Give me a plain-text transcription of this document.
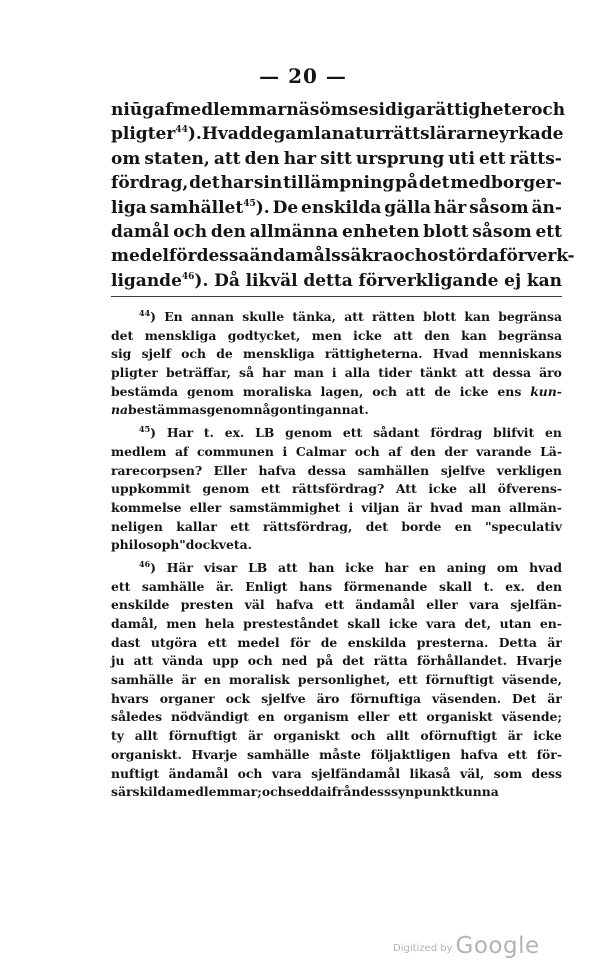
— 20 —
niūg af medlemmarnäs ömsesidiga rättigheter och
pligter$^{44}$). Hvad de gamla naturrättslärarne yrkade
om staten, att den har sitt ursprung uti ett rätts-
fördrag, det har sin tillämpning på det medborger-
liga samhället$^{45}$). De enskilda gälla här såsom än-
damål och den allmänna enheten blott såsom ett
medel för dessa ändamåls säkra och ostörda förverk-
ligande$^{46}$). Då likväl detta förverkligande ej kan
$^{44}$) En annan skulle tänka, att rätten blott kan begränsa
det menskliga godtycket, men icke att den kan begränsa
sig sjelf och de menskliga rättigheterna. Hvad menniskans
pligter beträffar, så har man i alla tider tänkt att dessa äro
bestämda genom moraliska lagen, och att de icke ens kun-
na bestämmas genom någonting annat.
$^{45}$) Har t. ex. LB genom ett sådant fördrag blifvit en
medlem af communen i Calmar och af den der varande Lä-
rarecorpsen? Eller hafva dessa samhällen sjelfve verkligen
uppkommit genom ett rättsfördrag? Att icke all öfverens-
kommelse eller samstämmighet i viljan är hvad man allmän-
neligen kallar ett rättsfördrag, det borde en "speculativ
philosoph" dock veta.
$^{46}$) Här visar LB att han icke har en aning om hvad
ett samhälle är. Enligt hans förmenande skall t. ex. den
enskilde presten väl hafva ett ändamål eller vara sjelfän-
damål, men hela presteståndet skall icke vara det, utan en-
dast utgöra ett medel för de enskilda presterna. Detta är
ju att vända upp och ned på det rätta förhållandet. Hvarje
samhälle är en moralisk personlighet, ett förnuftigt väsende,
hvars organer ock sjelfve äro förnuftiga väsenden. Det är
således nödvändigt en organism eller ett organiskt väsende;
ty allt förnuftigt är organiskt och allt oförnuftigt är icke
organiskt. Hvarje samhälle måste följaktligen hafva ett för-
nuftigt ändamål och vara sjelfändamål likaså väl, som dess
särskilda medlemmar; och sedda ifrån dess synpunkt kunna
Digitized by Google
